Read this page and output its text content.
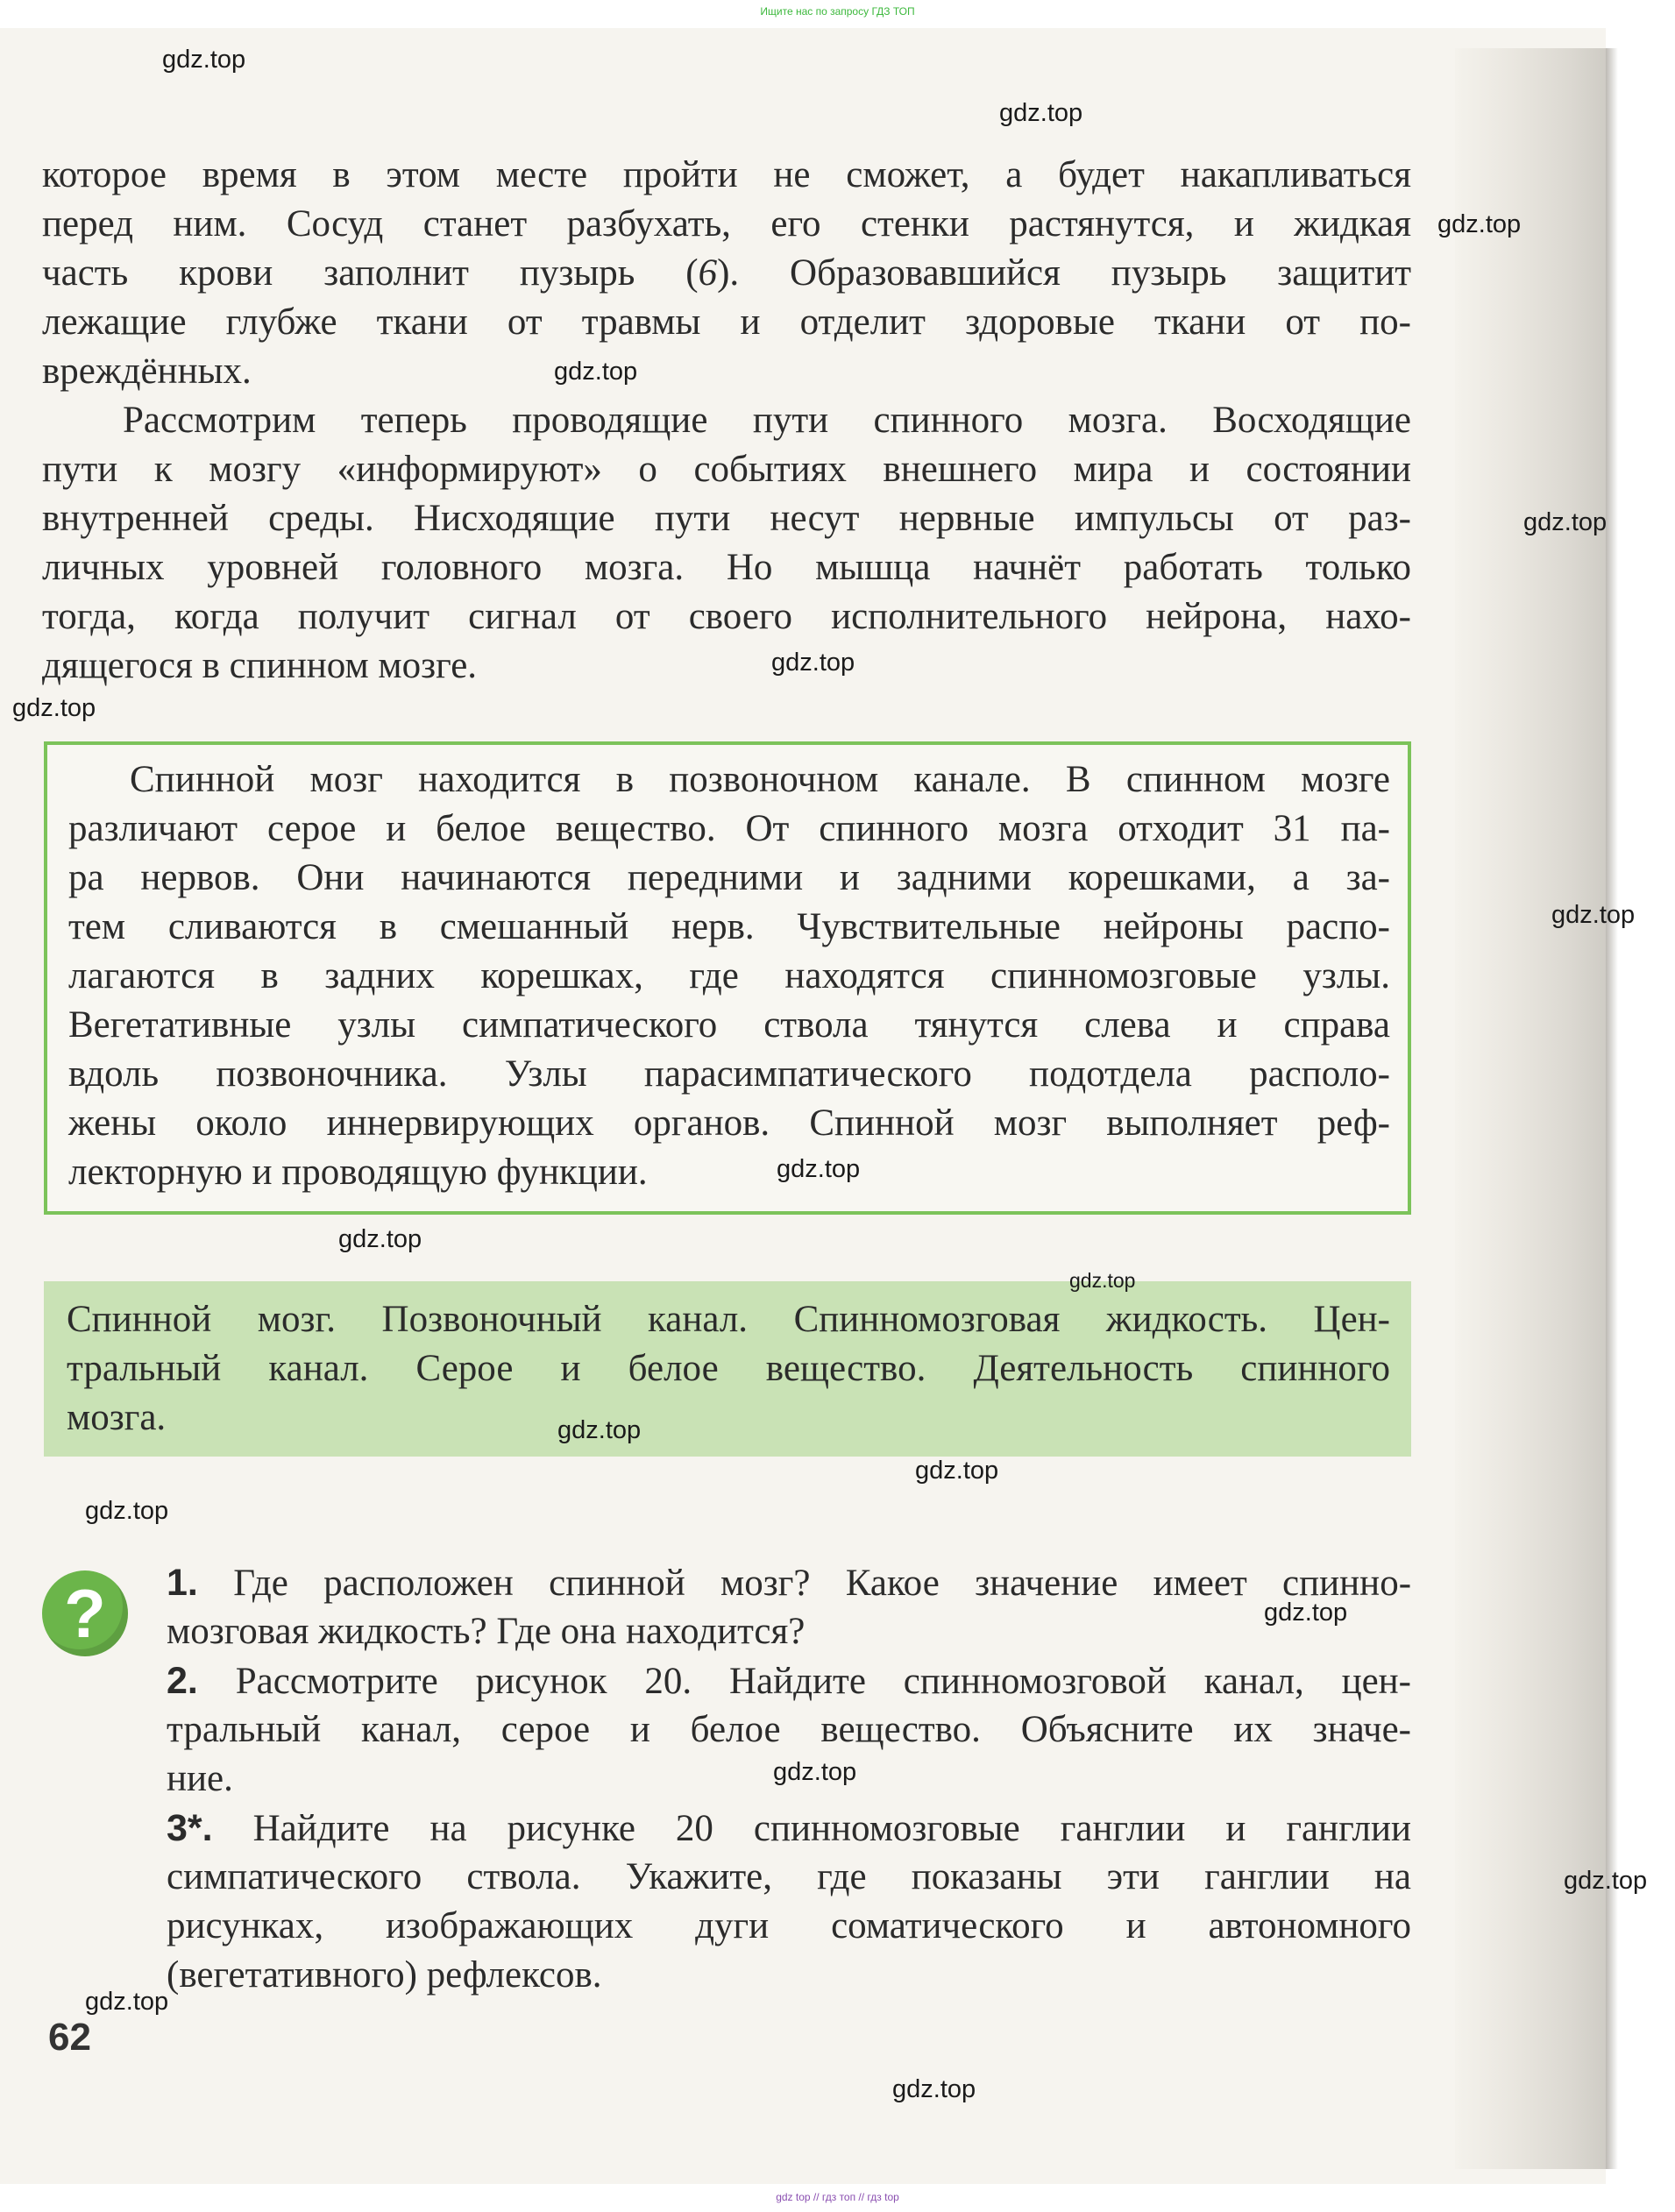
Ищите нас по запросу ГДЗ ТОП
которое время в этом месте пройти не сможет, а будет накапливаться
перед ним. Сосуд станет разбухать, его стенки растянутся, и жидкая
часть крови заполнит пузырь (6). Образовавшийся пузырь защитит
лежащие глубже ткани от травмы и отделит здоровые ткани от по-
вреждённых.
Рассмотрим теперь проводящие пути спинного мозга. Восходящие
пути к мозгу «информируют» о событиях внешнего мира и состоянии
внутренней среды. Нисходящие пути несут нервные импульсы от раз-
личных уровней головного мозга. Но мышца начнёт работать только
тогда, когда получит сигнал от своего исполнительного нейрона, нахо-
дящегося в спинном мозге.
Спинной мозг находится в позвоночном канале. В спинном мозге
различают серое и белое вещество. От спинного мозга отходит 31 па-
ра нервов. Они начинаются передними и задними корешками, а за-
тем сливаются в смешанный нерв. Чувствительные нейроны распо-
лагаются в задних корешках, где находятся спинномозговые узлы.
Вегетативные узлы симпатического ствола тянутся слева и справа
вдоль позвоночника. Узлы парасимпатического подотдела располо-
жены около иннервирующих органов. Спинной мозг выполняет реф-
лекторную и проводящую функции.
Спинной мозг. Позвоночный канал. Спинномозговая жидкость. Цен-
тральный канал. Серое и белое вещество. Деятельность спинного
мозга.
?	1. Где расположен спинной мозг? Какое значение имеет спинно-
мозговая жидкость? Где она находится?
2. Рассмотрите рисунок 20. Найдите спинномозговой канал, цен-
тральный канал, серое и белое вещество. Объясните их значе-
ние.
3*. Найдите на рисунке 20 спинномозговые ганглии и ганглии
симпатического ствола. Укажите, где показаны эти ганглии на
рисунках, изображающих дуги соматического и автономного
(вегетативного) рефлексов.
62
gdz.top
gdz.top
gdz.top
gdz.top
gdz.top
gdz.top
gdz.top
gdz.top
gdz.top
gdz.top
gdz.top
gdz.top
gdz.top
gdz.top
gdz.top
gdz.top
gdz.top
gdz.top
gdz.top
gdz top // гдз топ // гдз top
